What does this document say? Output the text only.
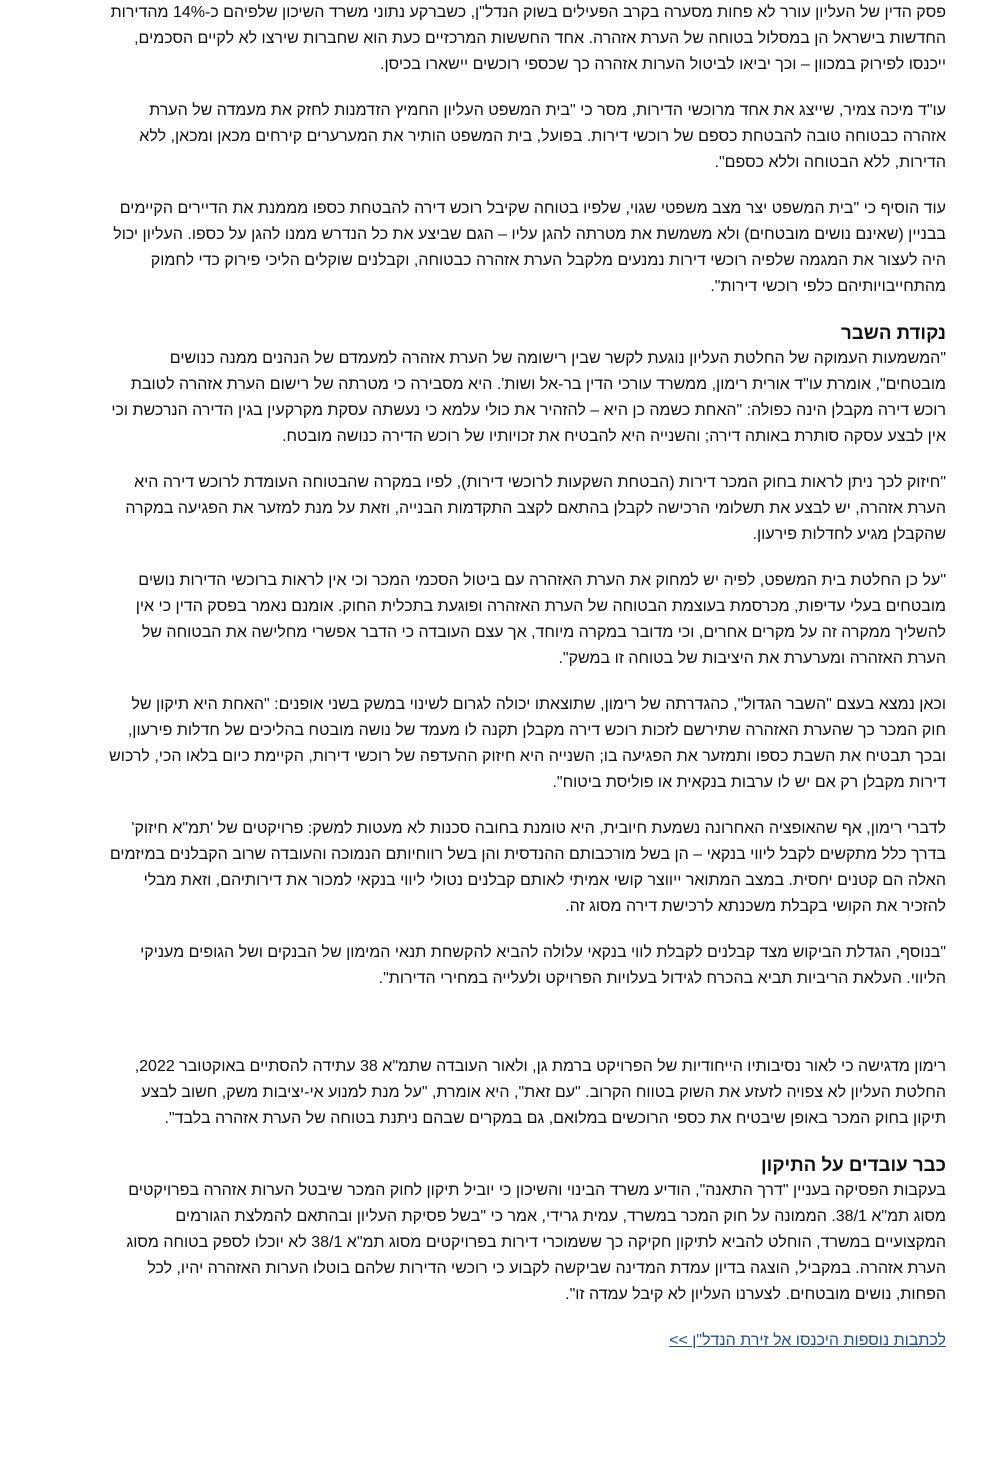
פסק הדין של העליון עורר לא פחות מסערה בקרב הפעילים בשוק הנדל"ן, כשברקע נתוני משרד השיכון שלפיהם כ-14% מהדירות החדשות בישראל הן במסלול בטוחה של הערת אזהרה. אחד החששות המרכזיים כעת הוא שחברות שירצו לא לקיים הסכמים, ייכנסו לפירוק במכוון – וכך יביאו לביטול הערות אזהרה כך שכספי רוכשים יישארו בכיסן.

עו"ד מיכה צמיר, שייצג את אחד מרוכשי הדירות, מסר כי "בית המשפט העליון החמיץ הזדמנות לחזק את מעמדה של הערת אזהרה כבטוחה טובה להבטחת כספם של רוכשי דירות. בפועל, בית המשפט הותיר את המערערים קירחים מכאן ומכאן, ללא הדירות, ללא הבטוחה וללא כספם".

עוד הוסיף כי "בית המשפט יצר מצב משפטי שגוי, שלפיו בטוחה שקיבל רוכש דירה להבטחת כספו מממנת את הדיירים הקיימים בבניין (שאינם נושים מובטחים) ולא משמשת את מטרתה להגן עליו – הגם שביצע את כל הנדרש ממנו להגן על כספו. העליון יכול היה לעצור את המגמה שלפיה רוכשי דירות נמנעים מלקבל הערת אזהרה כבטוחה, וקבלנים שוקלים הליכי פירוק כדי לחמוק מהתחייבויותיהם כלפי רוכשי דירות".

נקודת השבר

"המשמעות העמוקה של החלטת העליון נוגעת לקשר שבין רישומה של הערת אזהרה למעמדם של הנהנים ממנה כנושים מובטחים", אומרת עו"ד אורית רימון, ממשרד עורכי הדין בר-אל ושות'. היא מסבירה כי מטרתה של רישום הערת אזהרה לטובת רוכש דירה מקבלן הינה כפולה: "האחת כשמה כן היא – להזהיר את כולי עלמא כי נעשתה עסקת מקרקעין בגין הדירה הנרכשת וכי אין לבצע עסקה סותרת באותה דירה; והשנייה היא להבטיח את זכויותיו של רוכש הדירה כנושה מובטח.

"חיזוק לכך ניתן לראות בחוק המכר דירות (הבטחת השקעות לרוכשי דירות), לפיו במקרה שהבטוחה העומדת לרוכש דירה היא הערת אזהרה, יש לבצע את תשלומי הרכישה לקבלן בהתאם לקצב התקדמות הבנייה, וזאת על מנת למזער את הפגיעה במקרה שהקבלן מגיע לחדלות פירעון.

"על כן החלטת בית המשפט, לפיה יש למחוק את הערת האזהרה עם ביטול הסכמי המכר וכי אין לראות ברוכשי הדירות נושים מובטחים בעלי עדיפות, מכרסמת בעוצמת הבטוחה של הערת האזהרה ופוגעת בתכלית החוק. אומנם נאמר בפסק הדין כי אין להשליך ממקרה זה על מקרים אחרים, וכי מדובר במקרה מיוחד, אך עצם העובדה כי הדבר אפשרי מחלישה את הבטוחה של הערת האזהרה ומערערת את היציבות של בטוחה זו במשק".

וכאן נמצא בעצם "השבר הגדול", כהגדרתה של רימון, שתוצאתו יכולה לגרום לשינוי במשק בשני אופנים: "האחת היא תיקון של חוק המכר כך שהערת האזהרה שתירשם לזכות רוכש דירה מקבלן תקנה לו מעמד של נושה מובטח בהליכים של חדלות פירעון, ובכך תבטיח את השבת כספו ותמזער את הפגיעה בו; השנייה היא חיזוק ההעדפה של רוכשי דירות, הקיימת כיום בלאו הכי, לרכוש דירות מקבלן רק אם יש לו ערבות בנקאית או פוליסת ביטוח".

לדברי רימון, אף שהאופציה האחרונה נשמעת חיובית, היא טומנת בחובה סכנות לא מעטות למשק: פרויקטים של 'תמ"א חיזוק' בדרך כלל מתקשים לקבל ליווי בנקאי – הן בשל מורכבותם ההנדסית והן בשל רווחיותם הנמוכה והעובדה שרוב הקבלנים במיזמים האלה הם קטנים יחסית. במצב המתואר ייווצר קושי אמיתי לאותם קבלנים נטולי ליווי בנקאי למכור את דירותיהם, וזאת מבלי להזכיר את הקושי בקבלת משכנתא לרכישת דירה מסוג זה.

"בנוסף, הגדלת הביקוש מצד קבלנים לקבלת לווי בנקאי עלולה להביא להקשחת תנאי המימון של הבנקים ושל הגופים מעניקי הליווי. העלאת הריביות תביא בהכרח לגידול בעלויות הפרויקט ולעלייה במחירי הדירות".

רימון מדגישה כי לאור נסיבותיו הייחודיות של הפרויקט ברמת גן, ולאור העובדה שתמ"א 38 עתידה להסתיים באוקטובר 2022, החלטת העליון לא צפויה לזעזע את השוק בטווח הקרוב. "עם זאת", היא אומרת, "על מנת למנוע אי-יציבות משק, חשוב לבצע תיקון בחוק המכר באופן שיבטיח את כספי הרוכשים במלואם, גם במקרים שבהם ניתנת בטוחה של הערת אזהרה בלבד".

כבר עובדים על התיקון

בעקבות הפסיקה בעניין "דרך התאנה", הודיע משרד הבינוי והשיכון כי יוביל תיקון לחוק המכר שיבטל הערות אזהרה בפרויקטים מסוג תמ"א 38/1. הממונה על חוק המכר במשרד, עמית גרידי, אמר כי "בשל פסיקת העליון ובהתאם להמלצת הגורמים המקצועיים במשרד, הוחלט להביא לתיקון חקיקה כך ששמוכרי דירות בפרויקטים מסוג תמ"א 38/1 לא יוכלו לספק בטוחה מסוג הערת אזהרה. במקביל, הוצגה בדיון עמדת המדינה שביקשה לקבוע כי רוכשי הדירות שלהם בוטלו הערות האזהרה יהיו, לכל הפחות, נושים מובטחים. לצערנו העליון לא קיבל עמדה זו".

לכתבות נוספות היכנסו אל זירת הנדל"ן >>
